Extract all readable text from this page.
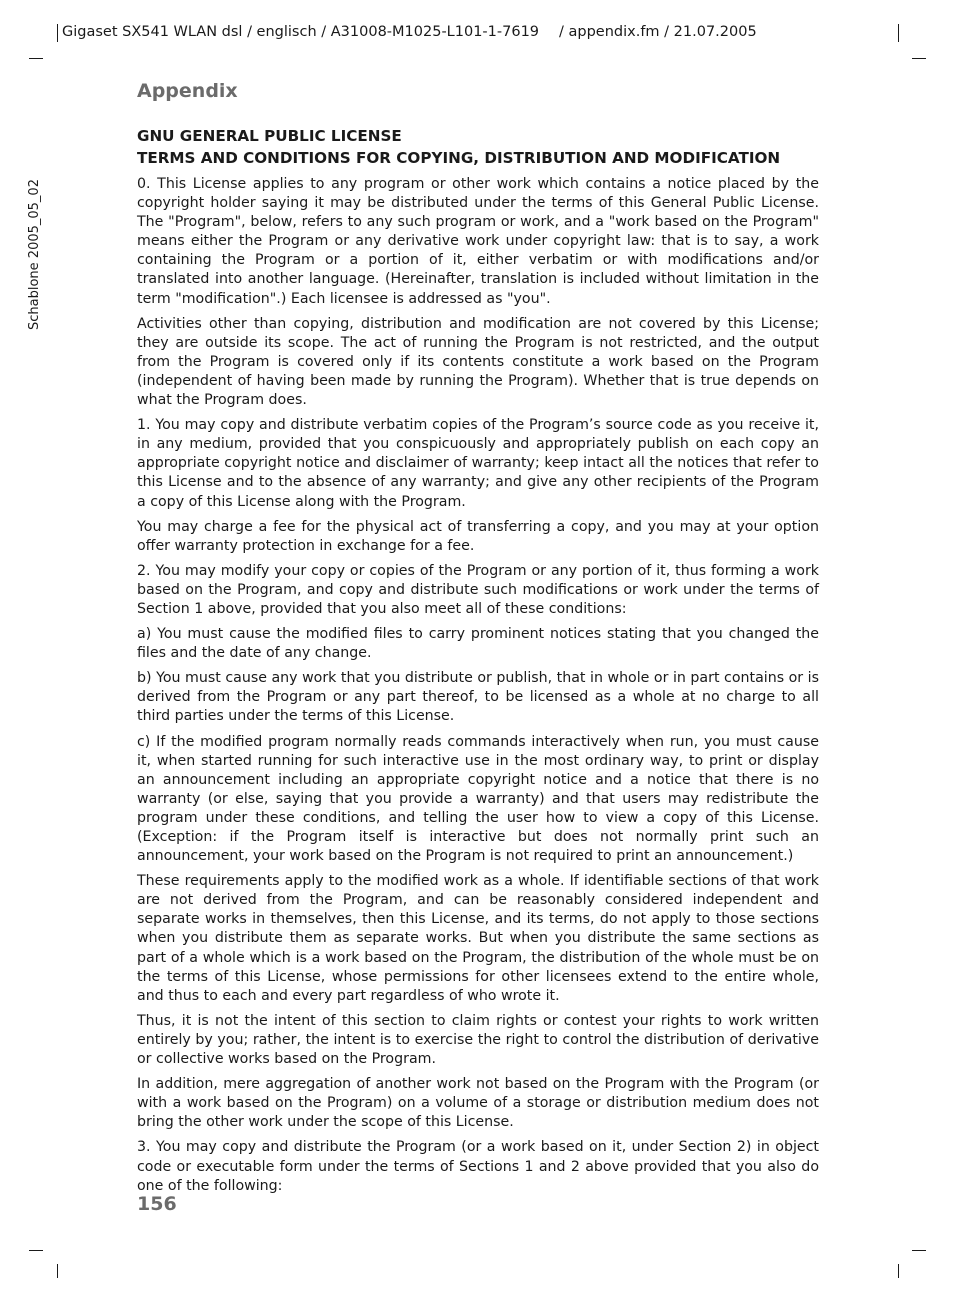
Gigaset SX541 WLAN dsl / englisch / A31008-M1025-L101-1-7619 / appendix.fm / 21.07.2005
Schablone 2005_05_02
Appendix
GNU GENERAL PUBLIC LICENSE
TERMS AND CONDITIONS FOR COPYING, DISTRIBUTION AND MODIFICATION

0. This License applies to any program or other work which contains a notice placed by the copyright holder saying it may be distributed under the terms of this General Public License. The "Program", below, refers to any such program or work, and a "work based on the Program" means either the Program or any derivative work under copyright law: that is to say, a work containing the Program or a portion of it, either verbatim or with modifications and/or translated into another language. (Hereinafter, translation is included without limitation in the term "modification".) Each licensee is addressed as "you".

Activities other than copying, distribution and modification are not covered by this License; they are outside its scope. The act of running the Program is not restricted, and the output from the Program is covered only if its contents constitute a work based on the Program (independent of having been made by running the Program). Whether that is true depends on what the Program does.

1. You may copy and distribute verbatim copies of the Program’s source code as you receive it, in any medium, provided that you conspicuously and appropriately publish on each copy an appropriate copyright notice and disclaimer of warranty; keep intact all the notices that refer to this License and to the absence of any warranty; and give any other recipients of the Program a copy of this License along with the Program.

You may charge a fee for the physical act of transferring a copy, and you may at your option offer warranty protection in exchange for a fee.

2. You may modify your copy or copies of the Program or any portion of it, thus forming a work based on the Program, and copy and distribute such modifications or work under the terms of Section 1 above, provided that you also meet all of these conditions:

a) You must cause the modified files to carry prominent notices stating that you changed the files and the date of any change.

b) You must cause any work that you distribute or publish, that in whole or in part contains or is derived from the Program or any part thereof, to be licensed as a whole at no charge to all third parties under the terms of this License.

c) If the modified program normally reads commands interactively when run, you must cause it, when started running for such interactive use in the most ordinary way, to print or display an announcement including an appropriate copyright notice and a notice that there is no warranty (or else, saying that you provide a warranty) and that users may redistribute the program under these conditions, and telling the user how to view a copy of this License. (Exception: if the Program itself is interactive but does not normally print such an announcement, your work based on the Program is not required to print an announcement.)

These requirements apply to the modified work as a whole. If identifiable sections of that work are not derived from the Program, and can be reasonably considered independent and separate works in themselves, then this License, and its terms, do not apply to those sections when you distribute them as separate works. But when you distribute the same sections as part of a whole which is a work based on the Program, the distribution of the whole must be on the terms of this License, whose permissions for other licensees extend to the entire whole, and thus to each and every part regardless of who wrote it.

Thus, it is not the intent of this section to claim rights or contest your rights to work written entirely by you; rather, the intent is to exercise the right to control the distribution of derivative or collective works based on the Program.

In addition, mere aggregation of another work not based on the Program with the Program (or with a work based on the Program) on a volume of a storage or distribution medium does not bring the other work under the scope of this License.

3. You may copy and distribute the Program (or a work based on it, under Section 2) in object code or executable form under the terms of Sections 1 and 2 above provided that you also do one of the following:

156
